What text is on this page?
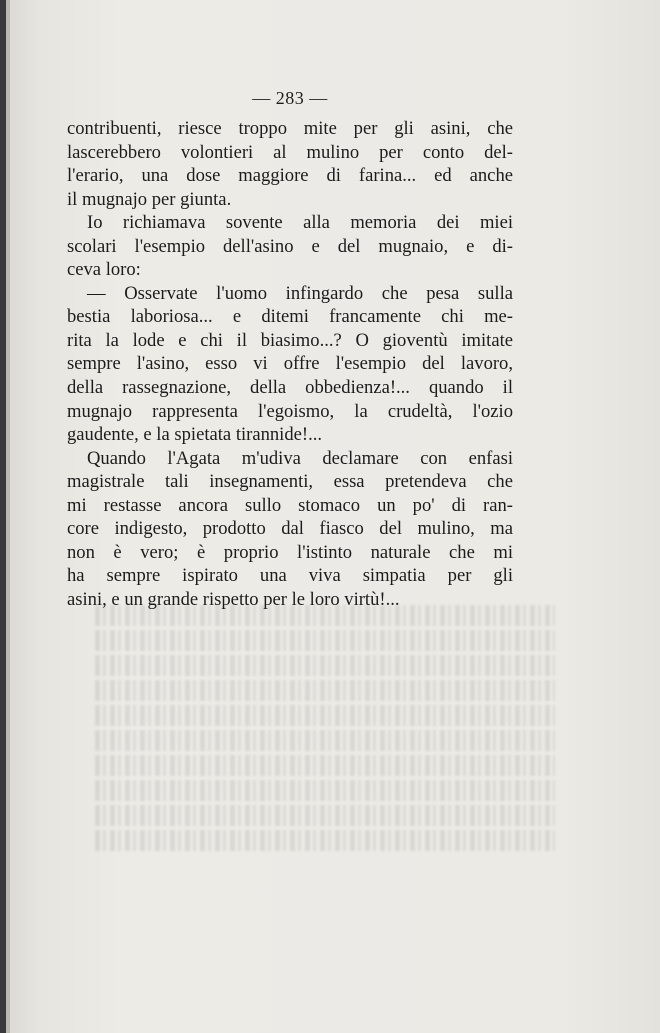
— 283 —
contribuenti, riesce troppo mite per gli asini, che
lascerebbero volontieri al mulino per conto del-
l'erario, una dose maggiore di farina... ed anche
il mugnajo per giunta.
Io richiamava sovente alla memoria dei miei
scolari l'esempio dell'asino e del mugnaio, e di-
ceva loro:
— Osservate l'uomo infingardo che pesa sulla
bestia laboriosa... e ditemi francamente chi me-
rita la lode e chi il biasimo...? O gioventù imitate
sempre l'asino, esso vi offre l'esempio del lavoro,
della rassegnazione, della obbedienza!... quando il
mugnajo rappresenta l'egoismo, la crudeltà, l'ozio
gaudente, e la spietata tirannide!...
Quando l'Agata m'udiva declamare con enfasi
magistrale tali insegnamenti, essa pretendeva che
mi restasse ancora sullo stomaco un po' di ran-
core indigesto, prodotto dal fiasco del mulino, ma
non è vero; è proprio l'istinto naturale che mi
ha sempre ispirato una viva simpatia per gli
asini, e un grande rispetto per le loro virtù!...
